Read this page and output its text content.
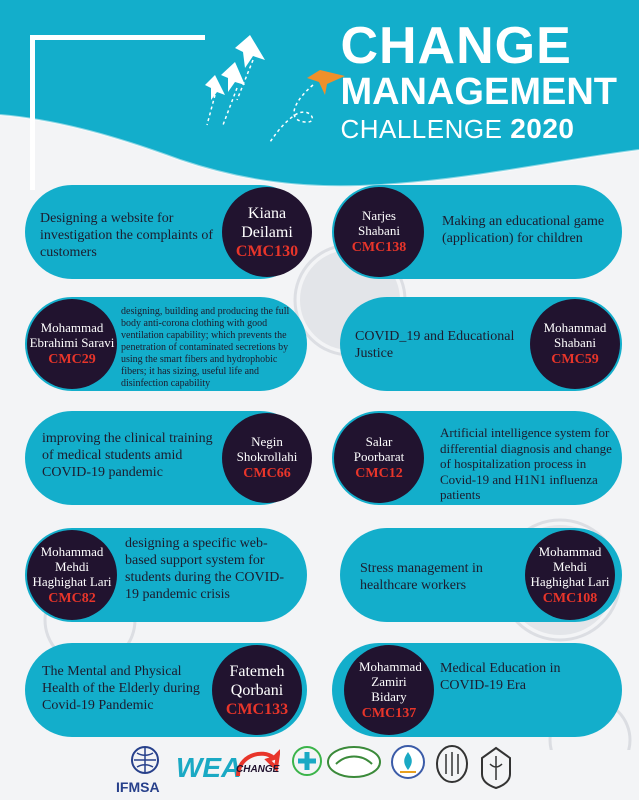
CHANGE
MANAGEMENT
CHALLENGE 2020
Designing a website for investigation the complaints of customers
Kiana Deilami
CMC130
Narjes Shabani
CMC138
Making an educational game (application) for children
Mohammad Ebrahimi Saravi
CMC29
designing, building and producing the full body anti-corona clothing with good ventilation capability; which prevents the penetration of contaminated secretions by using the smart fibers and hydrophobic fibers; it has sizing, useful life and disinfection capability
COVID_19 and Educational Justice
Mohammad Shabani
CMC59
improving the clinical training of medical students amid COVID-19 pandemic
Negin Shokrollahi
CMC66
Salar Poorbarat
CMC12
Artificial intelligence system for differential diagnosis and change of hospitalization process in Covid-19 and H1N1 influenza patients
Mohammad Mehdi Haghighat Lari
CMC82
designing a specific web-based support system for students during the COVID-19 pandemic crisis
Stress management in healthcare workers
Mohammad Mehdi Haghighat Lari
CMC108
The Mental and Physical Health of the Elderly during Covid-19 Pandemic
Fatemeh Qorbani
CMC133
Mohammad Zamiri Bidary
CMC137
Medical Education in COVID-19 Era
IFMSA
WEA
CHANGE
